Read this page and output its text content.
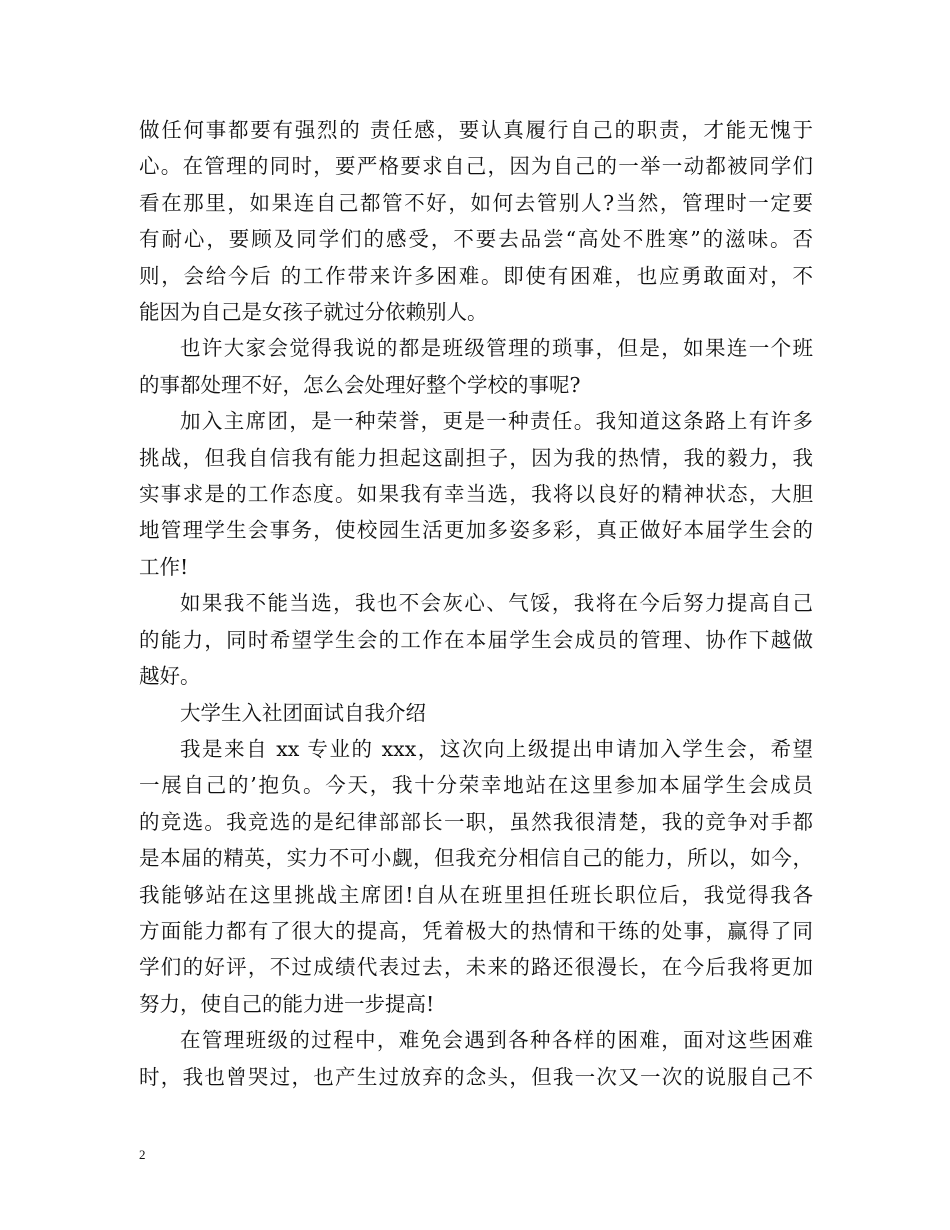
做任何事都要有强烈的 责任感，要认真履行自己的职责，才能无愧于
心。在管理的同时，要严格要求自己，因为自己的一举一动都被同学们
看在那里，如果连自己都管不好，如何去管别人?当然，管理时一定要
有耐心，要顾及同学们的感受，不要去品尝“高处不胜寒”的滋味。否
则，会给今后 的工作带来许多困难。即使有困难，也应勇敢面对，不
能因为自己是女孩子就过分依赖别人。
也许大家会觉得我说的都是班级管理的琐事，但是，如果连一个班
的事都处理不好，怎么会处理好整个学校的事呢?
加入主席团，是一种荣誉，更是一种责任。我知道这条路上有许多
挑战，但我自信我有能力担起这副担子，因为我的热情，我的毅力，我
实事求是的工作态度。如果我有幸当选，我将以良好的精神状态，大胆
地管理学生会事务，使校园生活更加多姿多彩，真正做好本届学生会的
工作!
如果我不能当选，我也不会灰心、气馁，我将在今后努力提高自己
的能力，同时希望学生会的工作在本届学生会成员的管理、协作下越做
越好。
大学生入社团面试自我介绍
我是来自 xx 专业的 xxx，这次向上级提出申请加入学生会，希望
一展自己的’抱负。今天，我十分荣幸地站在这里参加本届学生会成员
的竞选。我竞选的是纪律部部长一职，虽然我很清楚，我的竞争对手都
是本届的精英，实力不可小觑，但我充分相信自己的能力，所以，如今，
我能够站在这里挑战主席团!自从在班里担任班长职位后，我觉得我各
方面能力都有了很大的提高，凭着极大的热情和干练的处事，赢得了同
学们的好评，不过成绩代表过去，未来的路还很漫长，在今后我将更加
努力，使自己的能力进一步提高!
在管理班级的过程中，难免会遇到各种各样的困难，面对这些困难
时，我也曾哭过，也产生过放弃的念头，但我一次又一次的说服自己不
2
